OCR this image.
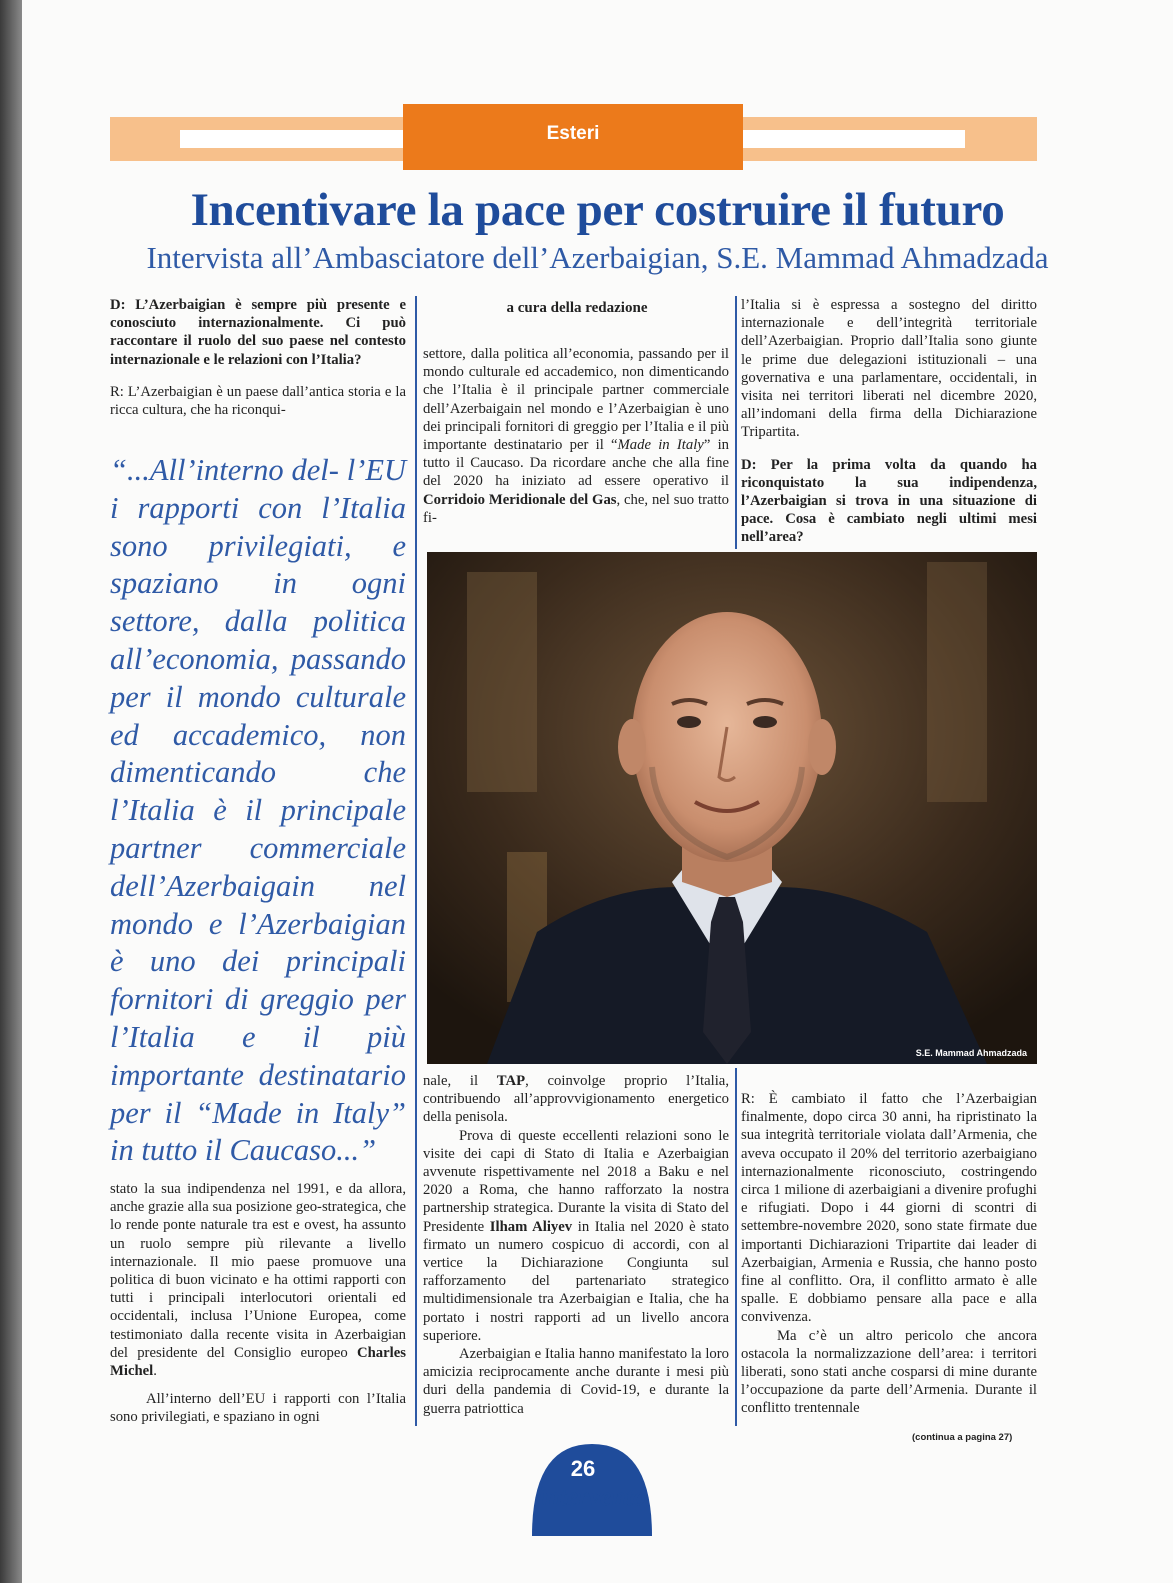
Esteri
Incentivare la pace per costruire il futuro
Intervista all’Ambasciatore dell’Azerbaigian, S.E. Mammad Ahmadzada

D: L’Azerbaigian è sempre più presente e conosciuto internazionalmente. Ci può raccontare il ruolo del suo paese nel contesto internazionale e le relazioni con l’Italia?

R: L’Azerbaigian è un paese dall’antica storia e la ricca cultura, che ha riconqui-

“...All’interno del- l’EU i rapporti con l’Italia sono privilegiati, e spaziano in ogni settore, dalla politica all’economia, passando per il mondo culturale ed accademico, non dimenticando che l’Italia è il principale partner commerciale dell’Azerbaigain nel mondo e l’Azerbaigian è uno dei principali fornitori di greggio per l’Italia e il più importante destinatario per il “Made in Italy” in tutto il Caucaso...”

stato la sua indipendenza nel 1991, e da allora, anche grazie alla sua posizione geo-strategica, che lo rende ponte naturale tra est e ovest, ha assunto un ruolo sempre più rilevante a livello internazionale. Il mio paese promuove una politica di buon vicinato e ha ottimi rapporti con tutti i principali interlocutori orientali ed occidentali, inclusa l’Unione Europea, come testimoniato dalla recente visita in Azerbaigian del presidente del Consiglio europeo Charles Michel.

All’interno dell’EU i rapporti con l’Italia sono privilegiati, e spaziano in ogni

a cura della redazione

settore, dalla politica all’economia, passando per il mondo culturale ed accademico, non dimenticando che l’Italia è il principale partner commerciale dell’Azerbaigain nel mondo e l’Azerbaigian è uno dei principali fornitori di greggio per l’Italia e il più importante destinatario per il “Made in Italy” in tutto il Caucaso. Da ricordare anche che alla fine del 2020 ha iniziato ad essere operativo il Corridoio Meridionale del Gas, che, nel suo tratto fi-

S.E. Mammad Ahmadzada

nale, il TAP, coinvolge proprio l’Italia, contribuendo all’approvvigionamento energetico della penisola.

Prova di queste eccellenti relazioni sono le visite dei capi di Stato di Italia e Azerbaigian avvenute rispettivamente nel 2018 a Baku e nel 2020 a Roma, che hanno rafforzato la nostra partnership strategica. Durante la visita di Stato del Presidente Ilham Aliyev in Italia nel 2020 è stato firmato un numero cospicuo di accordi, con al vertice la Dichiarazione Congiunta sul rafforzamento del partenariato strategico multidimensionale tra Azerbaigian e Italia, che ha portato i nostri rapporti ad un livello ancora superiore.

Azerbaigian e Italia hanno manifestato la loro amicizia reciprocamente anche durante i mesi più duri della pandemia di Covid-19, e durante la guerra patriottica

l’Italia si è espressa a sostegno del diritto internazionale e dell’integrità territoriale dell’Azerbaigian. Proprio dall’Italia sono giunte le prime due delegazioni istituzionali – una governativa e una parlamentare, occidentali, in visita nei territori liberati nel dicembre 2020, all’indomani della firma della Dichiarazione Tripartita.

D: Per la prima volta da quando ha riconquistato la sua indipendenza, l’Azerbaigian si trova in una situazione di pace. Cosa è cambiato negli ultimi mesi nell’area?

R: È cambiato il fatto che l’Azerbaigian finalmente, dopo circa 30 anni, ha ripristinato la sua integrità territoriale violata dall’Armenia, che aveva occupato il 20% del territorio azerbaigiano internazionalmente riconosciuto, costringendo circa 1 milione di azerbaigiani a divenire profughi e rifugiati. Dopo i 44 giorni di scontri di settembre-novembre 2020, sono state firmate due importanti Dichiarazioni Tripartite dai leader di Azerbaigian, Armenia e Russia, che hanno posto fine al conflitto. Ora, il conflitto armato è alle spalle. E dobbiamo pensare alla pace e alla convivenza.

Ma c’è un altro pericolo che ancora ostacola la normalizzazione dell’area: i territori liberati, sono stati anche cosparsi di mine durante l’occupazione da parte dell’Armenia. Durante il conflitto trentennale

(continua a pagina 27)
26
intervento
